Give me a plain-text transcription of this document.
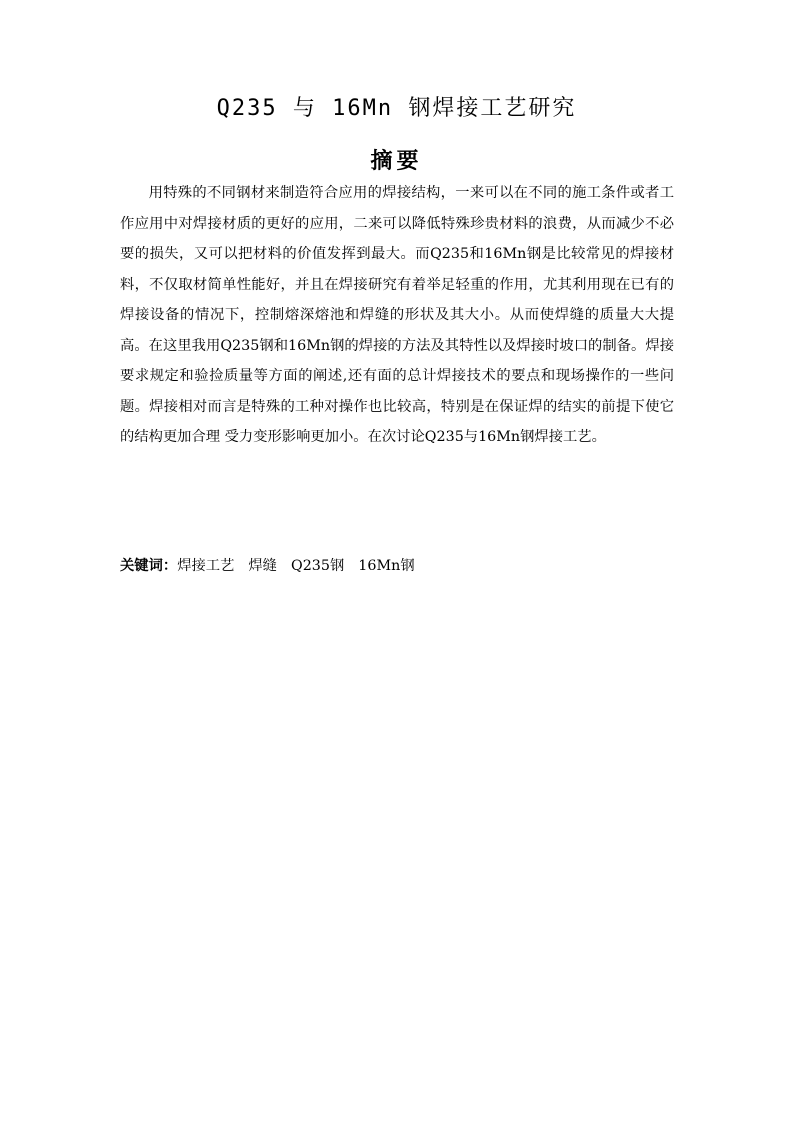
Q235 与 16Mn 钢焊接工艺研究
摘要

用特殊的不同钢材来制造符合应用的焊接结构，一来可以在不同的施工条件或者工作应用中对焊接材质的更好的应用，二来可以降低特殊珍贵材料的浪费，从而减少不必要的损失，又可以把材料的价值发挥到最大。而Q235和16Mn钢是比较常见的焊接材料，不仅取材简单性能好，并且在焊接研究有着举足轻重的作用，尤其利用现在已有的焊接设备的情况下，控制熔深熔池和焊缝的形状及其大小。从而使焊缝的质量大大提高。在这里我用Q235钢和16Mn钢的焊接的方法及其特性以及焊接时坡口的制备。焊接要求规定和验捡质量等方面的阐述,还有面的总计焊接技术的要点和现场操作的一些问题。焊接相对而言是特殊的工种对操作也比较高，特别是在保证焊的结实的前提下使它的结构更加合理 受力变形影响更加小。在次讨论Q235与16Mn钢焊接工艺。

关键词：焊接工艺 焊缝 Q235钢 16Mn钢
